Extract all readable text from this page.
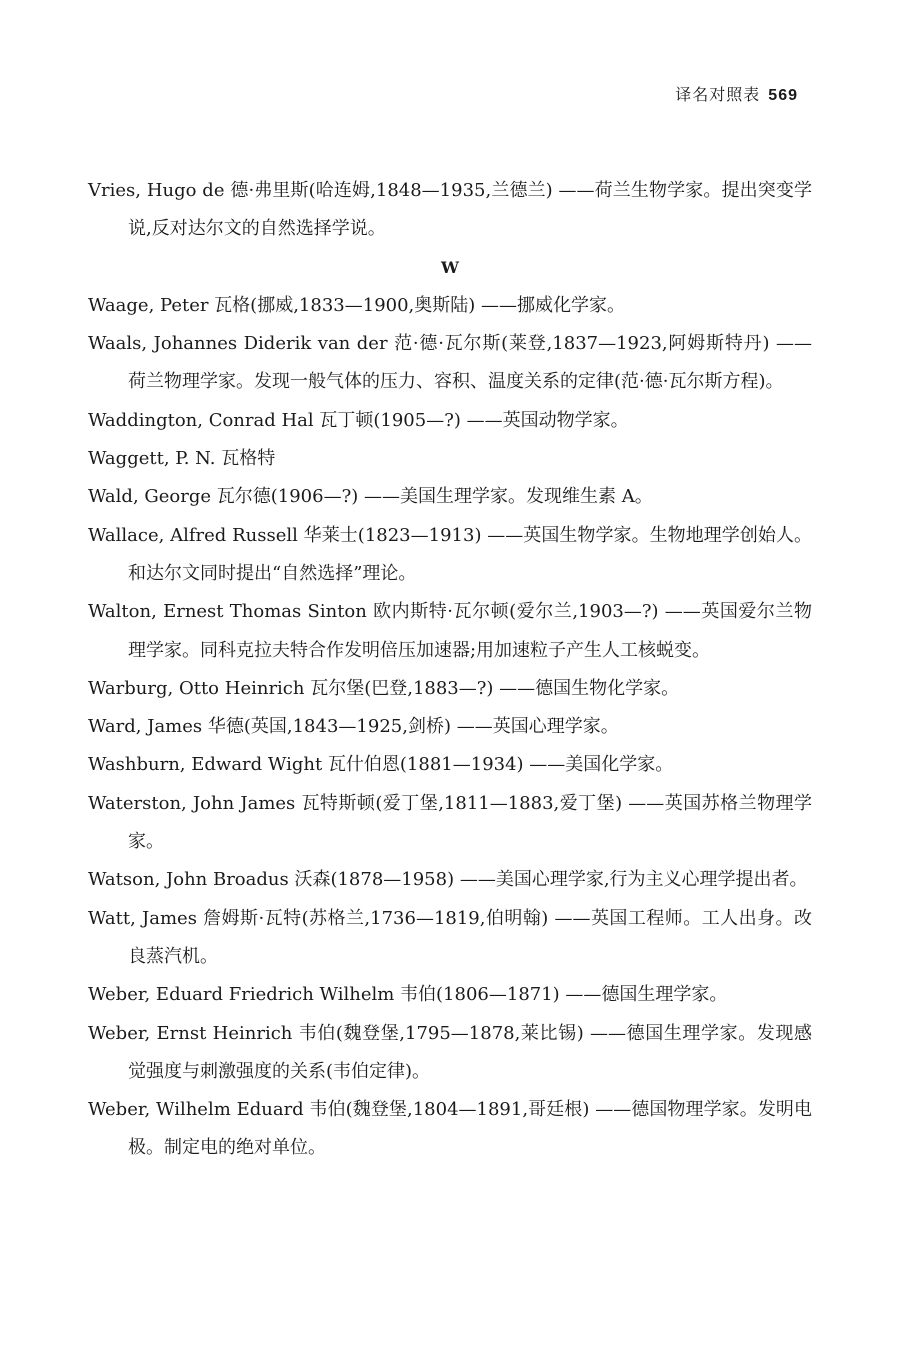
译名对照表 569
Vries, Hugo de 德·弗里斯(哈连姆,1848—1935,兰德兰) ——荷兰生物学家。提出突变学说,反对达尔文的自然选择学说。
W
Waage, Peter 瓦格(挪威,1833—1900,奥斯陆) ——挪威化学家。
Waals, Johannes Diderik van der 范·德·瓦尔斯(莱登,1837—1923,阿姆斯特丹) ——荷兰物理学家。发现一般气体的压力、容积、温度关系的定律(范·德·瓦尔斯方程)。
Waddington, Conrad Hal 瓦丁顿(1905—?) ——英国动物学家。
Waggett, P. N. 瓦格特
Wald, George 瓦尔德(1906—?) ——美国生理学家。发现维生素 A。
Wallace, Alfred Russell 华莱士(1823—1913) ——英国生物学家。生物地理学创始人。和达尔文同时提出“自然选择”理论。
Walton, Ernest Thomas Sinton 欧内斯特·瓦尔顿(爱尔兰,1903—?) ——英国爱尔兰物理学家。同科克拉夫特合作发明倍压加速器;用加速粒子产生人工核蜕变。
Warburg, Otto Heinrich 瓦尔堡(巴登,1883—?) ——德国生物化学家。
Ward, James 华德(英国,1843—1925,剑桥) ——英国心理学家。
Washburn, Edward Wight 瓦什伯恩(1881—1934) ——美国化学家。
Waterston, John James 瓦特斯顿(爱丁堡,1811—1883,爱丁堡) ——英国苏格兰物理学家。
Watson, John Broadus 沃森(1878—1958) ——美国心理学家,行为主义心理学提出者。
Watt, James 詹姆斯·瓦特(苏格兰,1736—1819,伯明翰) ——英国工程师。工人出身。改良蒸汽机。
Weber, Eduard Friedrich Wilhelm 韦伯(1806—1871) ——德国生理学家。
Weber, Ernst Heinrich 韦伯(魏登堡,1795—1878,莱比锡) ——德国生理学家。发现感觉强度与刺激强度的关系(韦伯定律)。
Weber, Wilhelm Eduard 韦伯(魏登堡,1804—1891,哥廷根) ——德国物理学家。发明电极。制定电的绝对单位。
